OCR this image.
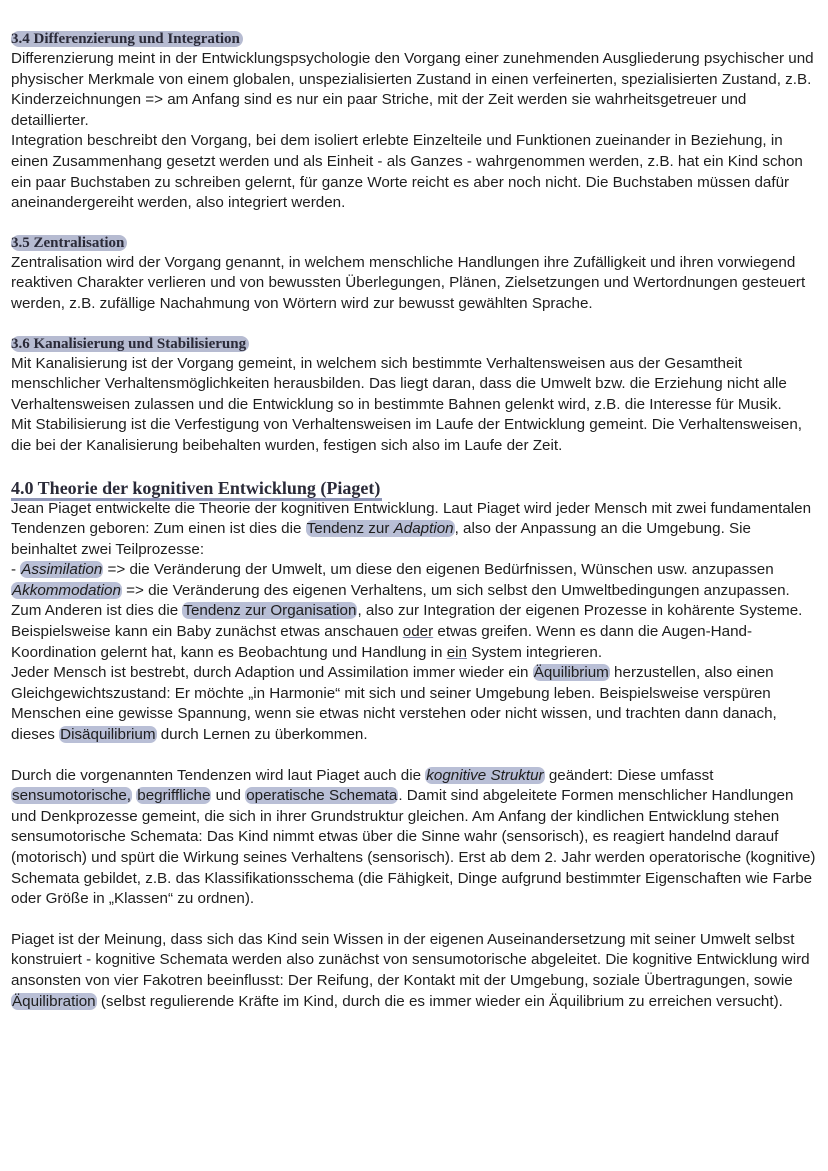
3.4 Differenzierung und Integration

Differenzierung meint in der Entwicklungspsychologie den Vorgang einer zunehmenden Ausgliederung psychischer und physischer Merkmale von einem globalen, unspezialisierten Zustand in einen verfeinerten, spezialisierten Zustand, z.B. Kinderzeichnungen => am Anfang sind es nur ein paar Striche, mit der Zeit werden sie wahrheitsgetreuer und detaillierter.

Integration beschreibt den Vorgang, bei dem isoliert erlebte Einzelteile und Funktionen zueinander in Beziehung, in einen Zusammenhang gesetzt werden und als Einheit - als Ganzes - wahrgenommen werden, z.B. hat ein Kind schon ein paar Buchstaben zu schreiben gelernt, für ganze Worte reicht es aber noch nicht. Die Buchstaben müssen dafür aneinandergereiht werden, also integriert werden.

3.5 Zentralisation

Zentralisation wird der Vorgang genannt, in welchem menschliche Handlungen ihre Zufälligkeit und ihren vorwiegend reaktiven Charakter verlieren und von bewussten Überlegungen, Plänen, Zielsetzungen und Wertordnungen gesteuert werden, z.B. zufällige Nachahmung von Wörtern wird zur bewusst gewählten Sprache.

3.6 Kanalisierung und Stabilisierung

Mit Kanalisierung ist der Vorgang gemeint, in welchem sich bestimmte Verhaltensweisen aus der Gesamtheit menschlicher Verhaltensmöglichkeiten herausbilden. Das liegt daran, dass die Umwelt bzw. die Erziehung nicht alle Verhaltensweisen zulassen und die Entwicklung so in bestimmte Bahnen gelenkt wird, z.B. die Interesse für Musik.

Mit Stabilisierung ist die Verfestigung von Verhaltensweisen im Laufe der Entwicklung gemeint. Die Verhaltensweisen, die bei der Kanalisierung beibehalten wurden, festigen sich also im Laufe der Zeit.

4.0 Theorie der kognitiven Entwicklung (Piaget)

Jean Piaget entwickelte die Theorie der kognitiven Entwicklung. Laut Piaget wird jeder Mensch mit zwei fundamentalen Tendenzen geboren: Zum einen ist dies die Tendenz zur Adaption, also der Anpassung an die Umgebung. Sie beinhaltet zwei Teilprozesse:

- Assimilation => die Veränderung der Umwelt, um diese den eigenen Bedürfnissen, Wünschen usw. anzupassen

Akkommodation => die Veränderung des eigenen Verhaltens, um sich selbst den Umweltbedingungen anzupassen.

Zum Anderen ist dies die Tendenz zur Organisation, also zur Integration der eigenen Prozesse in kohärente Systeme. Beispielsweise kann ein Baby zunächst etwas anschauen oder etwas greifen. Wenn es dann die Augen-Hand-Koordination gelernt hat, kann es Beobachtung und Handlung in ein System integrieren.

Jeder Mensch ist bestrebt, durch Adaption und Assimilation immer wieder ein Äquilibrium herzustellen, also einen Gleichgewichtszustand: Er möchte „in Harmonie“ mit sich und seiner Umgebung leben. Beispielsweise verspüren Menschen eine gewisse Spannung, wenn sie etwas nicht verstehen oder nicht wissen, und trachten dann danach, dieses Disäquilibrium durch Lernen zu überkommen.

Durch die vorgenannten Tendenzen wird laut Piaget auch die kognitive Struktur geändert: Diese umfasst sensumotorische, begriffliche und operatische Schemata. Damit sind abgeleitete Formen menschlicher Handlungen und Denkprozesse gemeint, die sich in ihrer Grundstruktur gleichen. Am Anfang der kindlichen Entwicklung stehen sensumotorische Schemata: Das Kind nimmt etwas über die Sinne wahr (sensorisch), es reagiert handelnd darauf (motorisch) und spürt die Wirkung seines Verhaltens (sensorisch). Erst ab dem 2. Jahr werden operatorische (kognitive) Schemata gebildet, z.B. das Klassifikationsschema (die Fähigkeit, Dinge aufgrund bestimmter Eigenschaften wie Farbe oder Größe in „Klassen“ zu ordnen).

Piaget ist der Meinung, dass sich das Kind sein Wissen in der eigenen Auseinandersetzung mit seiner Umwelt selbst konstruiert - kognitive Schemata werden also zunächst von sensumotorische abgeleitet. Die kognitive Entwicklung wird ansonsten von vier Fakotren beeinflusst: Der Reifung, der Kontakt mit der Umgebung, soziale Übertragungen, sowie Äquilibration (selbst regulierende Kräfte im Kind, durch die es immer wieder ein Äquilibrium zu erreichen versucht).
